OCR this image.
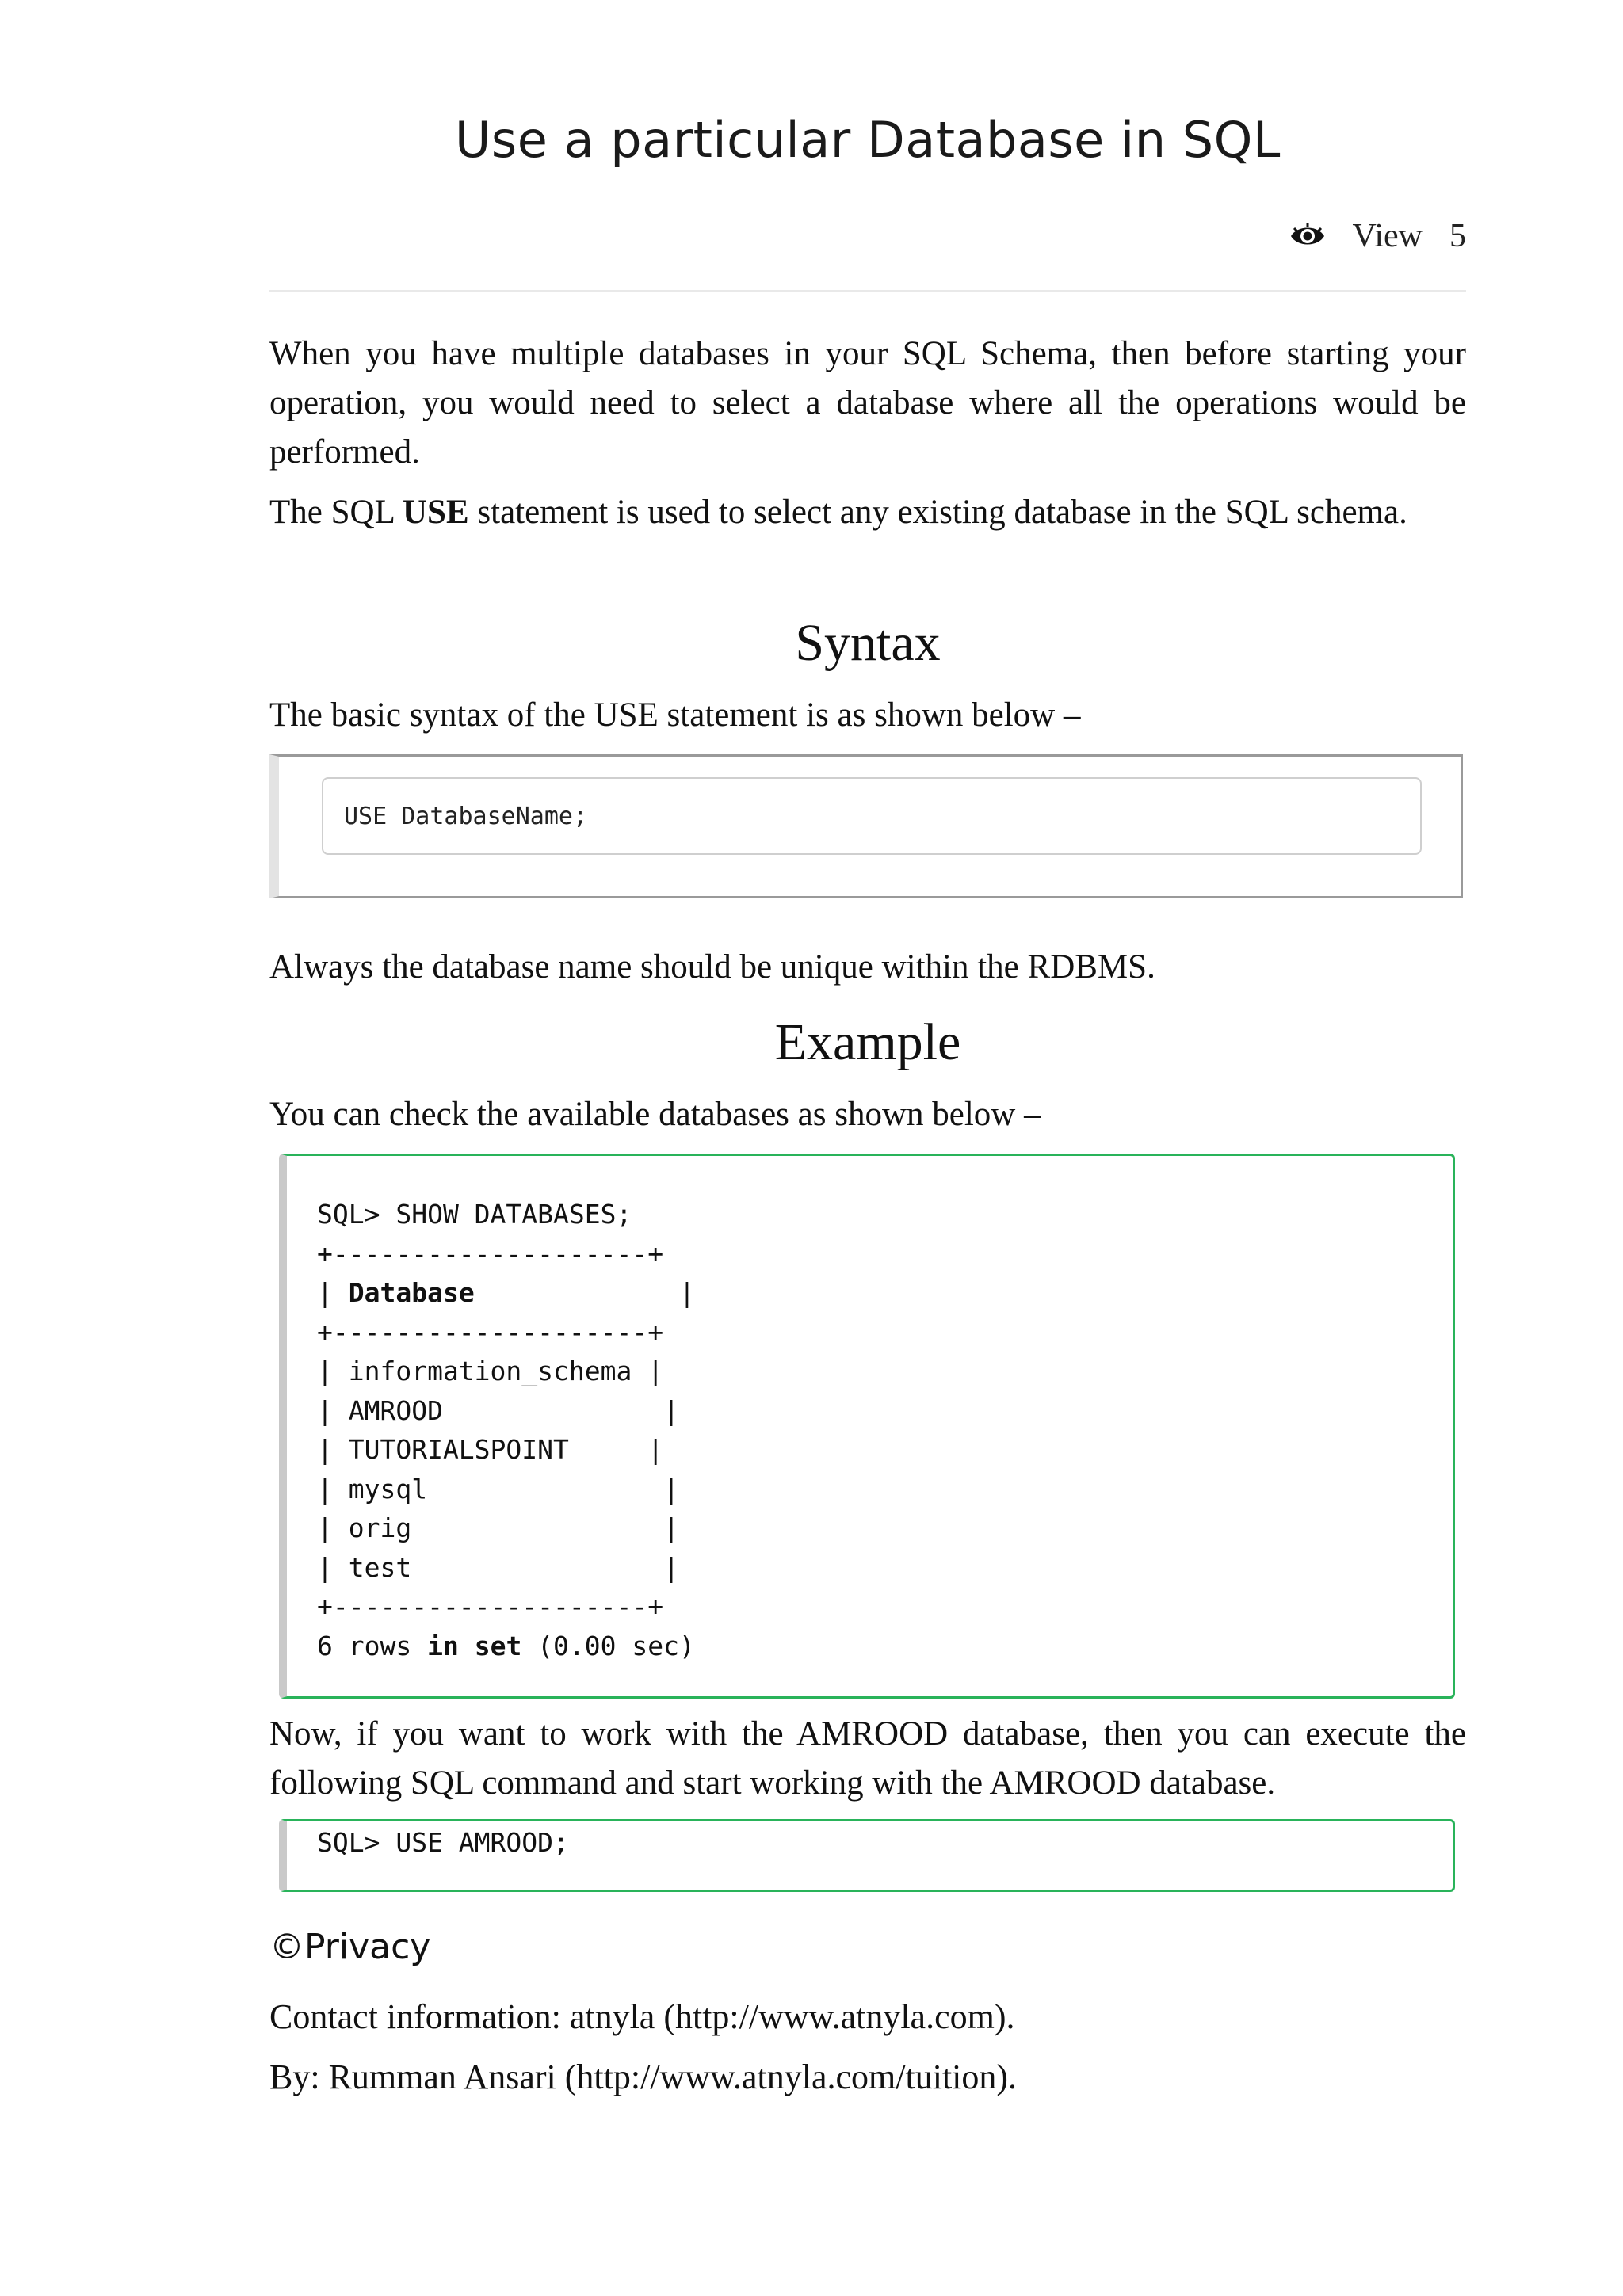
Use a particular Database in SQL
View 5

When you have multiple databases in your SQL Schema, then before starting your operation, you would need to select a database where all the operations would be performed.

The SQL USE statement is used to select any existing database in the SQL schema.

Syntax

The basic syntax of the USE statement is as shown below –

USE DatabaseName;

Always the database name should be unique within the RDBMS.

Example

You can check the available databases as shown below –

SQL> SHOW DATABASES;
+--------------------+
| Database             |
+--------------------+
| information_schema |
| AMROOD              |
| TUTORIALSPOINT     |
| mysql               |
| orig                |
| test                |
+--------------------+
6 rows in set (0.00 sec)

Now, if you want to work with the AMROOD database, then you can execute the following SQL command and start working with the AMROOD database.

SQL> USE AMROOD;
©Privacy
Contact information: atnyla (http://www.atnyla.com).
By: Rumman Ansari (http://www.atnyla.com/tuition).
